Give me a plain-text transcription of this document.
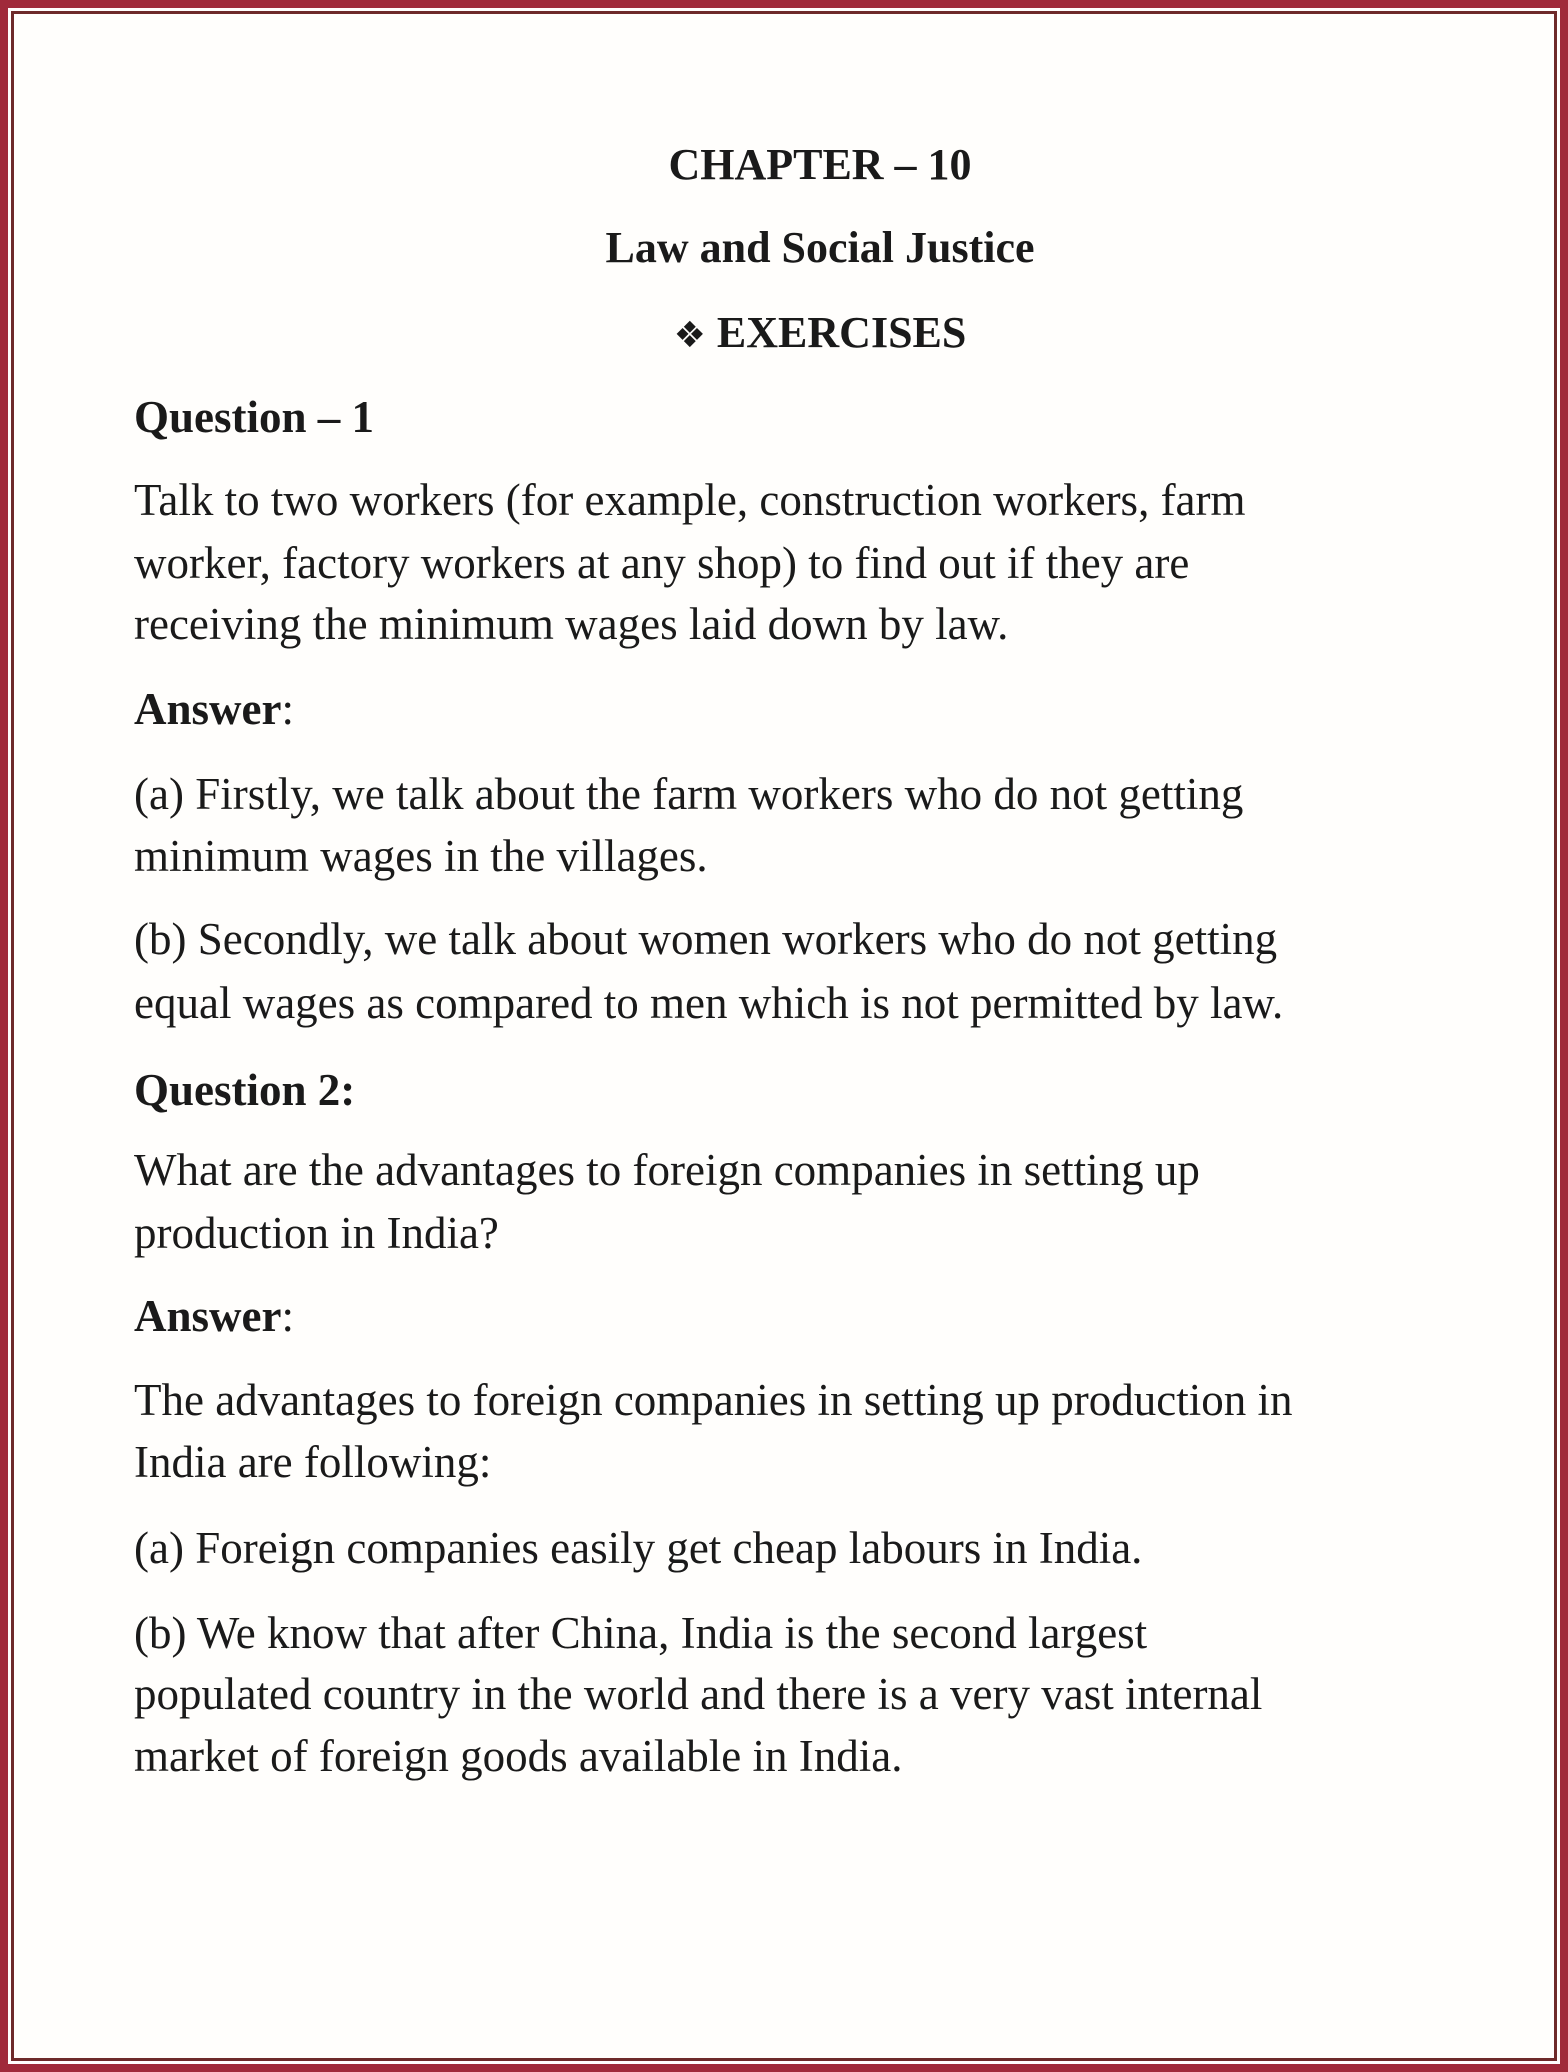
CHAPTER – 10
Law and Social Justice
❖ EXERCISES
Question – 1
Talk to two workers (for example, construction workers, farm
worker, factory workers at any shop) to find out if they are
receiving the minimum wages laid down by law.
Answer:
(a) Firstly, we talk about the farm workers who do not getting
minimum wages in the villages.
(b) Secondly, we talk about women workers who do not getting
equal wages as compared to men which is not permitted by law.
Question 2:
What are the advantages to foreign companies in setting up
production in India?
Answer:
The advantages to foreign companies in setting up production in
India are following:
(a) Foreign companies easily get cheap labours in India.
(b) We know that after China, India is the second largest
populated country in the world and there is a very vast internal
market of foreign goods available in India.
